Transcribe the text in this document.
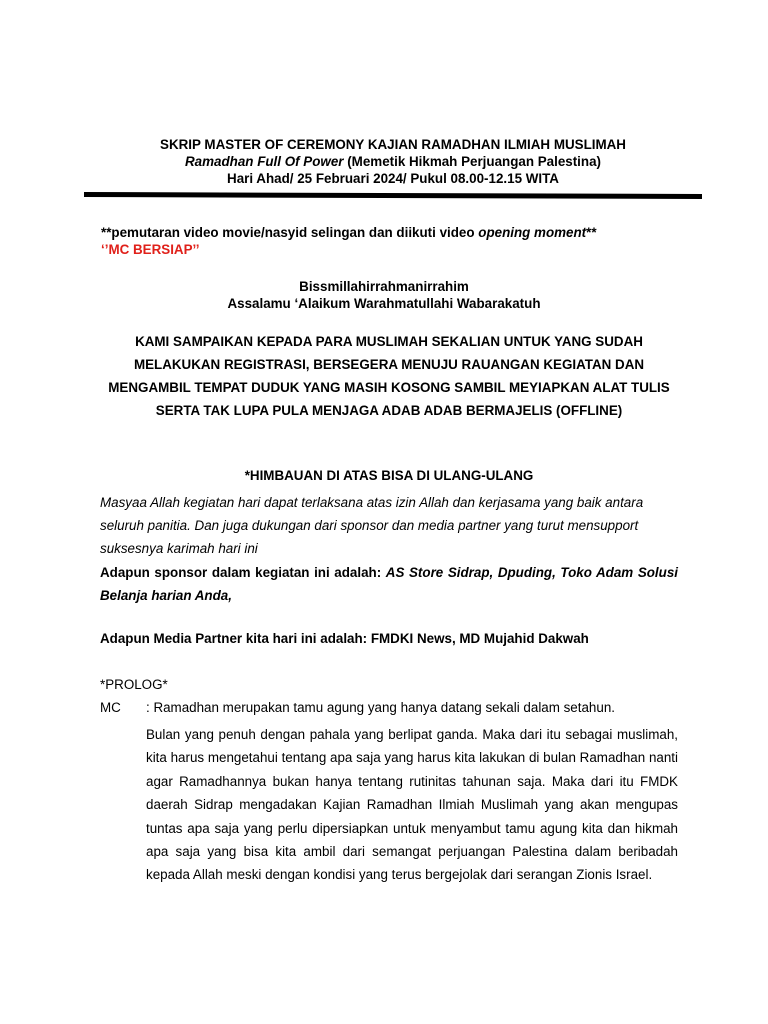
SKRIP MASTER OF CEREMONY KAJIAN RAMADHAN ILMIAH MUSLIMAH
Ramadhan Full Of Power (Memetik Hikmah Perjuangan Palestina)
Hari Ahad/ 25 Februari 2024/ Pukul 08.00-12.15 WITA
**pemutaran video movie/nasyid selingan dan diikuti video opening moment**
‘’MC BERSIAP’’
Bissmillahirrahmanirrahim
Assalamu ‘Alaikum Warahmatullahi Wabarakatuh
KAMI SAMPAIKAN KEPADA PARA MUSLIMAH SEKALIAN UNTUK YANG SUDAH MELAKUKAN REGISTRASI, BERSEGERA MENUJU RAUANGAN KEGIATAN DAN MENGAMBIL TEMPAT DUDUK YANG MASIH KOSONG SAMBIL MEYIAPKAN ALAT TULIS SERTA TAK LUPA PULA MENJAGA ADAB ADAB BERMAJELIS (OFFLINE)
*HIMBAUAN DI ATAS BISA DI ULANG-ULANG
Masyaa Allah kegiatan hari dapat terlaksana atas izin Allah dan kerjasama yang baik antara seluruh panitia. Dan juga dukungan dari sponsor dan media partner yang turut mensupport suksesnya karimah hari ini
Adapun sponsor dalam kegiatan ini adalah: AS Store Sidrap, Dpuding, Toko Adam Solusi Belanja harian Anda,
Adapun Media Partner kita hari ini adalah: FMDKI News, MD Mujahid Dakwah
*PROLOG*
MC : Ramadhan merupakan tamu agung yang hanya datang sekali dalam setahun.
Bulan yang penuh dengan pahala yang berlipat ganda. Maka dari itu sebagai muslimah, kita harus mengetahui tentang apa saja yang harus kita lakukan di bulan Ramadhan nanti agar Ramadhannya bukan hanya tentang rutinitas tahunan saja. Maka dari itu FMDK daerah Sidrap mengadakan Kajian Ramadhan Ilmiah Muslimah yang akan mengupas tuntas apa saja yang perlu dipersiapkan untuk menyambut tamu agung kita dan hikmah apa saja yang bisa kita ambil dari semangat perjuangan Palestina dalam beribadah kepada Allah meski dengan kondisi yang terus bergejolak dari serangan Zionis Israel.
